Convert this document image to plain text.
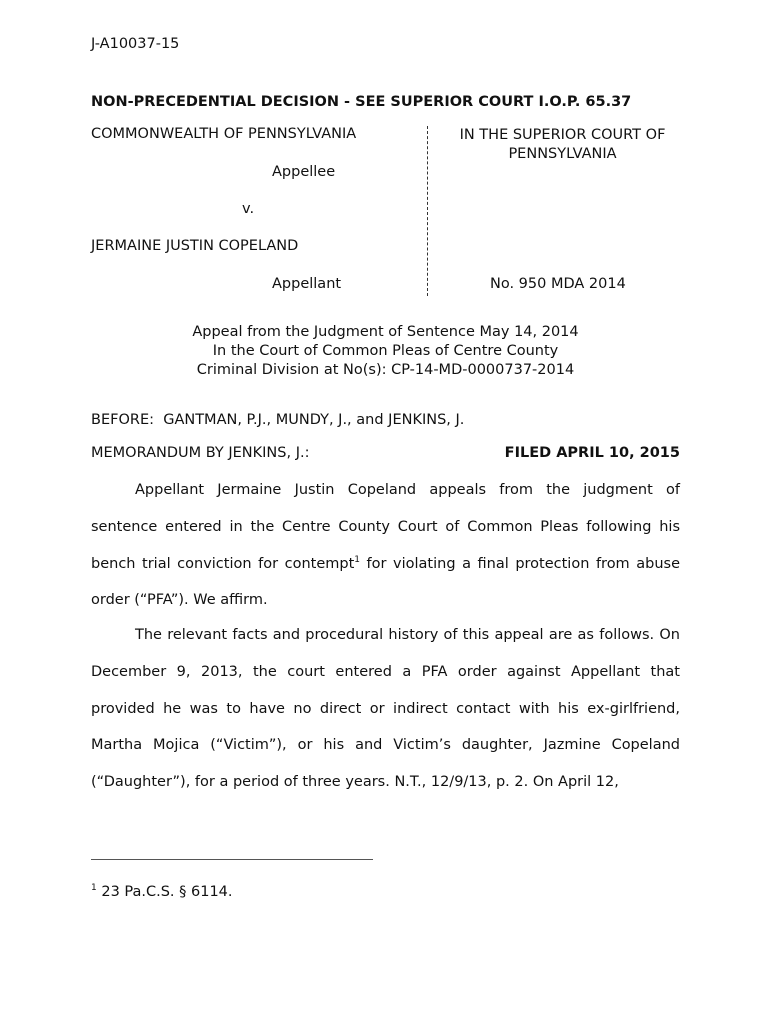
J-A10037-15
NON-PRECEDENTIAL DECISION - SEE SUPERIOR COURT I.O.P. 65.37
COMMONWEALTH OF PENNSYLVANIA
Appellee
v.
JERMAINE JUSTIN COPELAND
Appellant
IN THE SUPERIOR COURT OF
PENNSYLVANIA
No. 950 MDA 2014
Appeal from the Judgment of Sentence May 14, 2014
In the Court of Common Pleas of Centre County
Criminal Division at No(s): CP-14-MD-0000737-2014
BEFORE:  GANTMAN, P.J., MUNDY, J., and JENKINS, J.
MEMORANDUM BY JENKINS, J.:	FILED APRIL 10, 2015
Appellant Jermaine Justin Copeland appeals from the judgment of sentence entered in the Centre County Court of Common Pleas following his bench trial conviction for contempt$^1$ for violating a final protection from abuse order (“PFA”). We affirm.
The relevant facts and procedural history of this appeal are as follows. On December 9, 2013, the court entered a PFA order against Appellant that provided he was to have no direct or indirect contact with his ex-girlfriend, Martha Mojica (“Victim”), or his and Victim’s daughter, Jazmine Copeland (“Daughter”), for a period of three years. N.T., 12/9/13, p. 2. On April 12,
$^1$ 23 Pa.C.S. § 6114.
